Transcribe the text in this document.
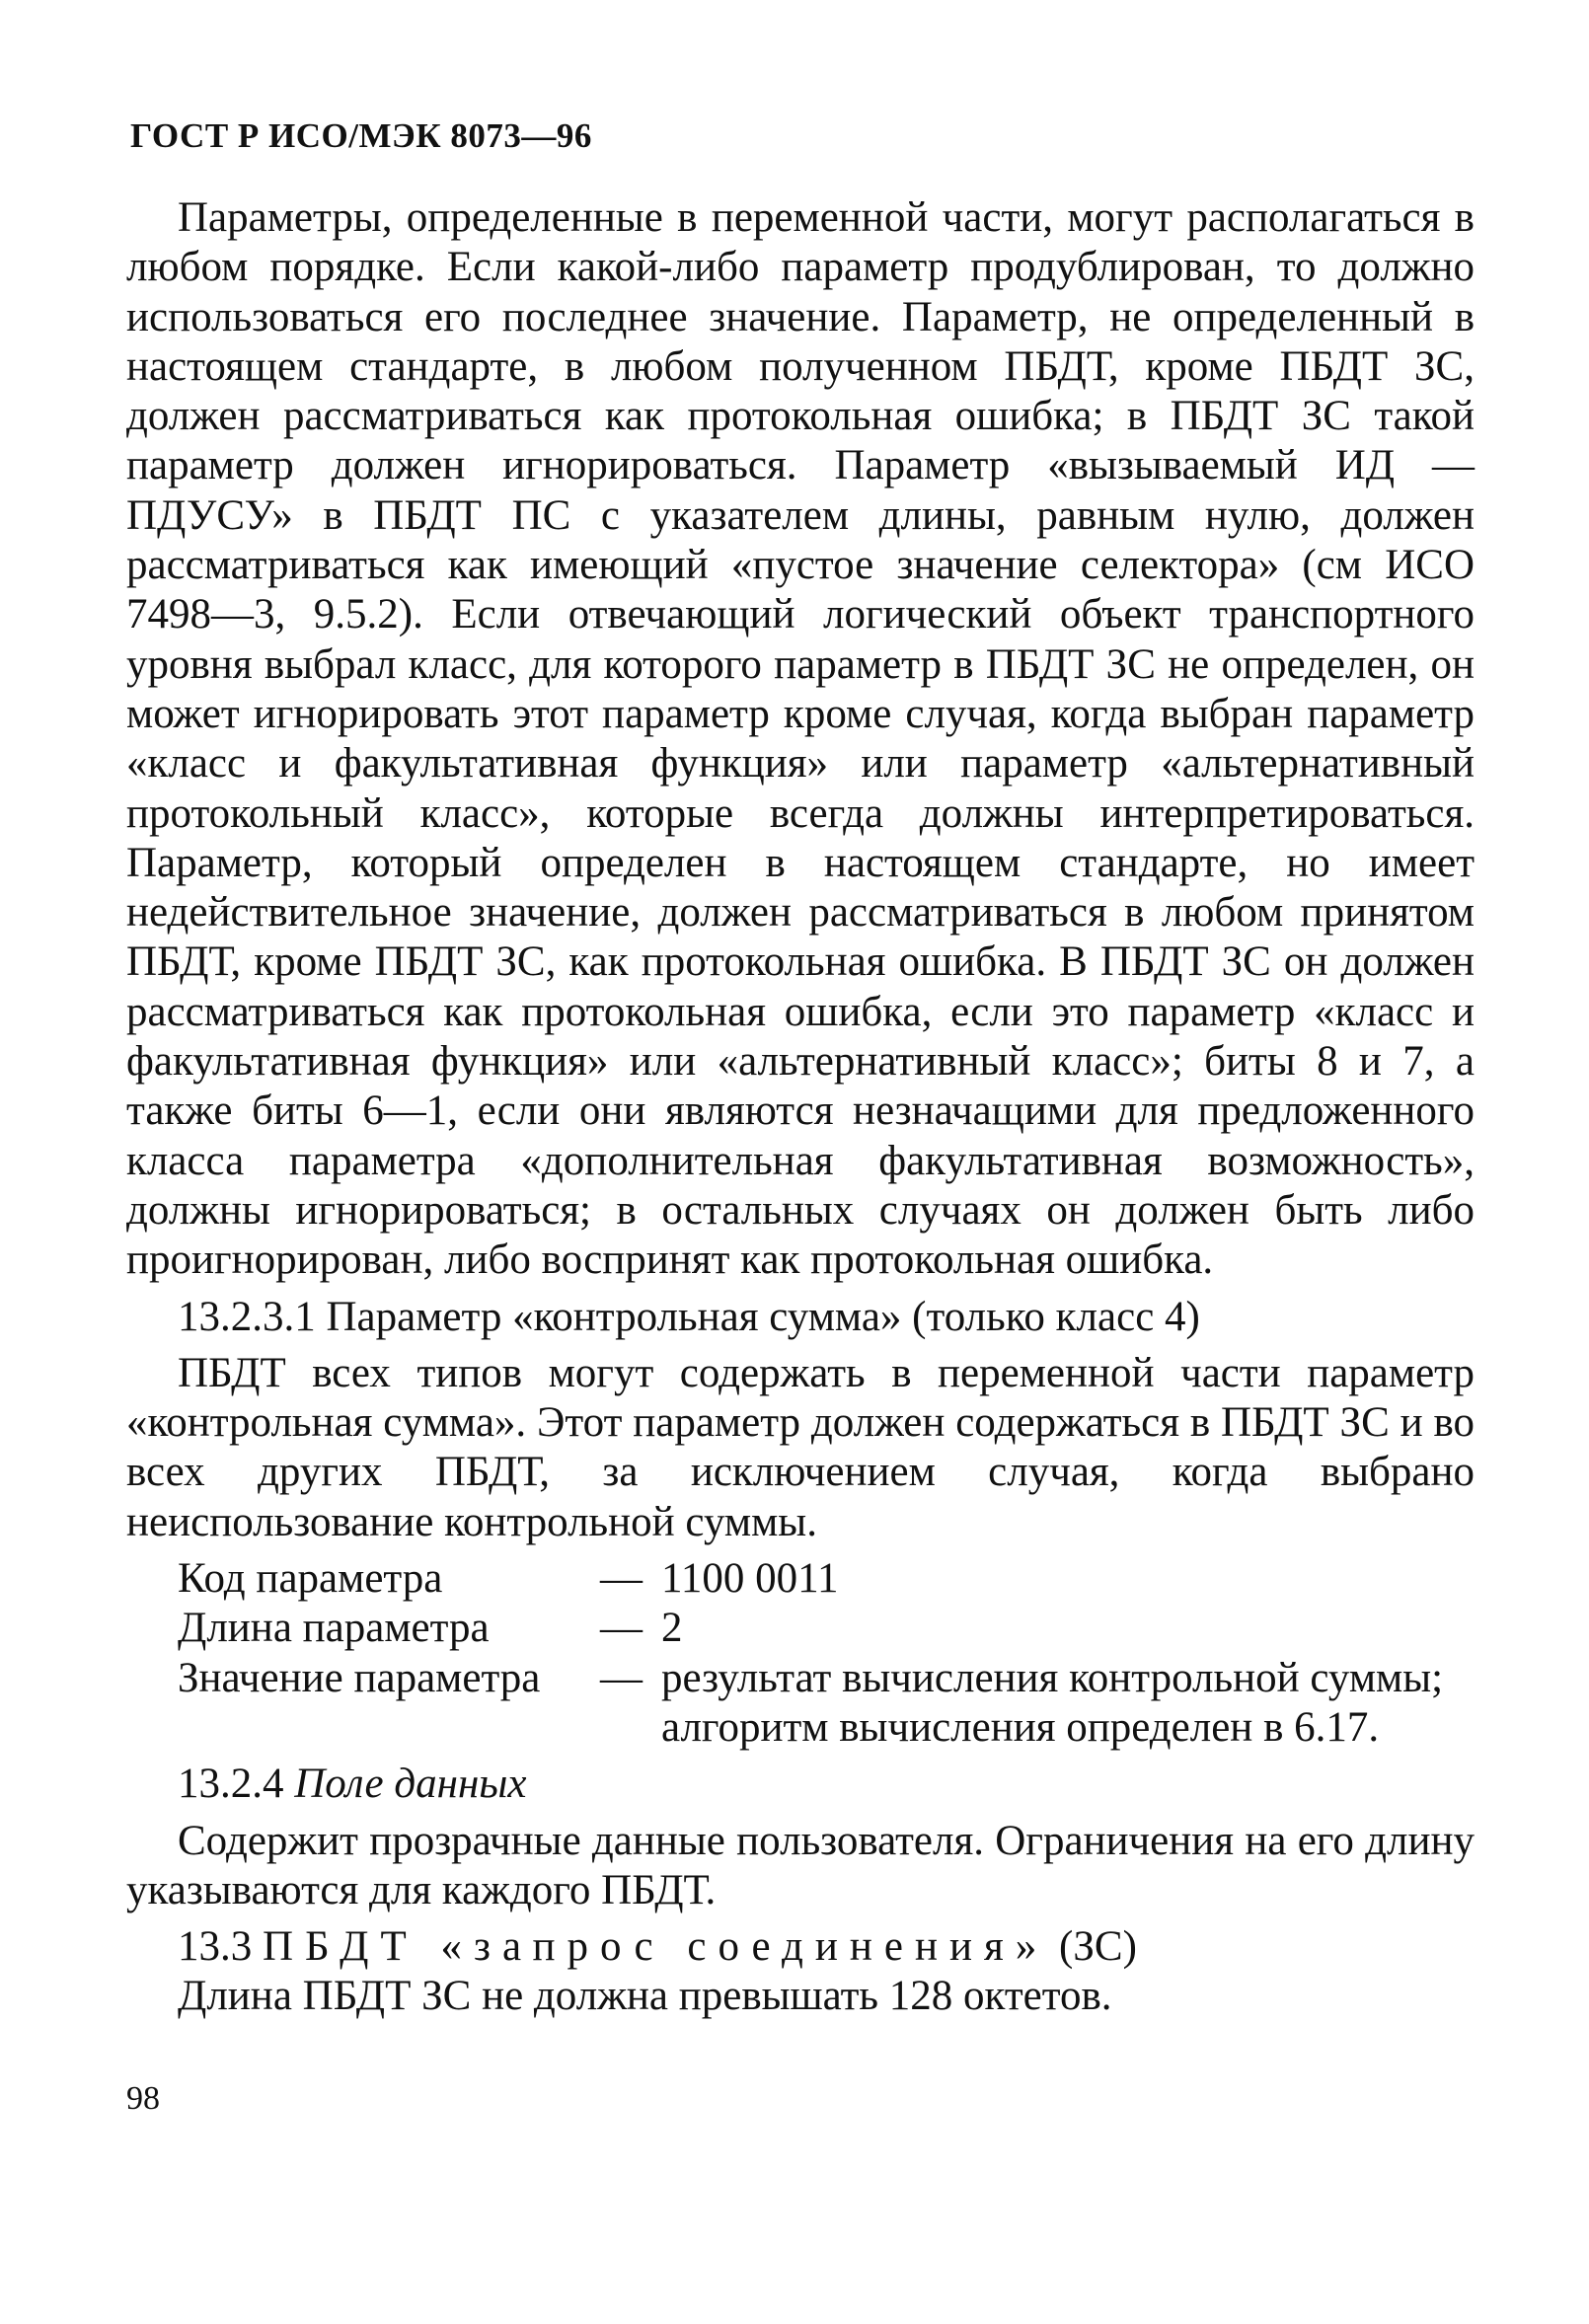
ГОСТ Р ИСО/МЭК 8073—96

Параметры, определенные в переменной части, могут располагаться в любом порядке. Если какой-либо параметр продублирован, то должно использоваться его последнее значение. Параметр, не определенный в настоящем стандарте, в любом полученном ПБДТ, кроме ПБДТ ЗС, должен рассматриваться как протокольная ошибка; в ПБДТ ЗС такой параметр должен игнорироваться. Параметр «вызываемый ИД — ПДУСУ» в ПБДТ ПС с указателем длины, равным нулю, должен рассматриваться как имеющий «пустое значение селектора» (см ИСО 7498—3, 9.5.2). Если отвечающий логический объект транспортного уровня выбрал класс, для которого параметр в ПБДТ ЗС не определен, он может игнорировать этот параметр кроме случая, когда выбран параметр «класс и факультативная функция» или параметр «альтернативный протокольный класс», которые всегда должны интерпретироваться. Параметр, который определен в настоящем стандарте, но имеет недействительное значение, должен рассматриваться в любом принятом ПБДТ, кроме ПБДТ ЗС, как протокольная ошибка. В ПБДТ ЗС он должен рассматриваться как протокольная ошибка, если это параметр «класс и факультативная функция» или «альтернативный класс»; биты 8 и 7, а также биты 6—1, если они являются незначащими для предложенного класса параметра «дополнительная факультативная возможность», должны игнорироваться; в остальных случаях он должен быть либо проигнорирован, либо воспринят как протокольная ошибка.

13.2.3.1 Параметр «контрольная сумма» (только класс 4)

ПБДТ всех типов могут содержать в переменной части параметр «контрольная сумма». Этот параметр должен содержаться в ПБДТ ЗС и во всех других ПБДТ, за исключением случая, когда выбрано неиспользование контрольной суммы.

Код параметра	— 1100 0011
Длина параметра	— 2
Значение параметра	— результат вычисления контрольной суммы;
алгоритм вычисления определен в 6.17.

13.2.4 Поле данных

Содержит прозрачные данные пользователя. Ограничения на его длину указываются для каждого ПБДТ.

13.3 ПБДТ «запрос соединения» (ЗС)

Длина ПБДТ ЗС не должна превышать 128 октетов.

98
